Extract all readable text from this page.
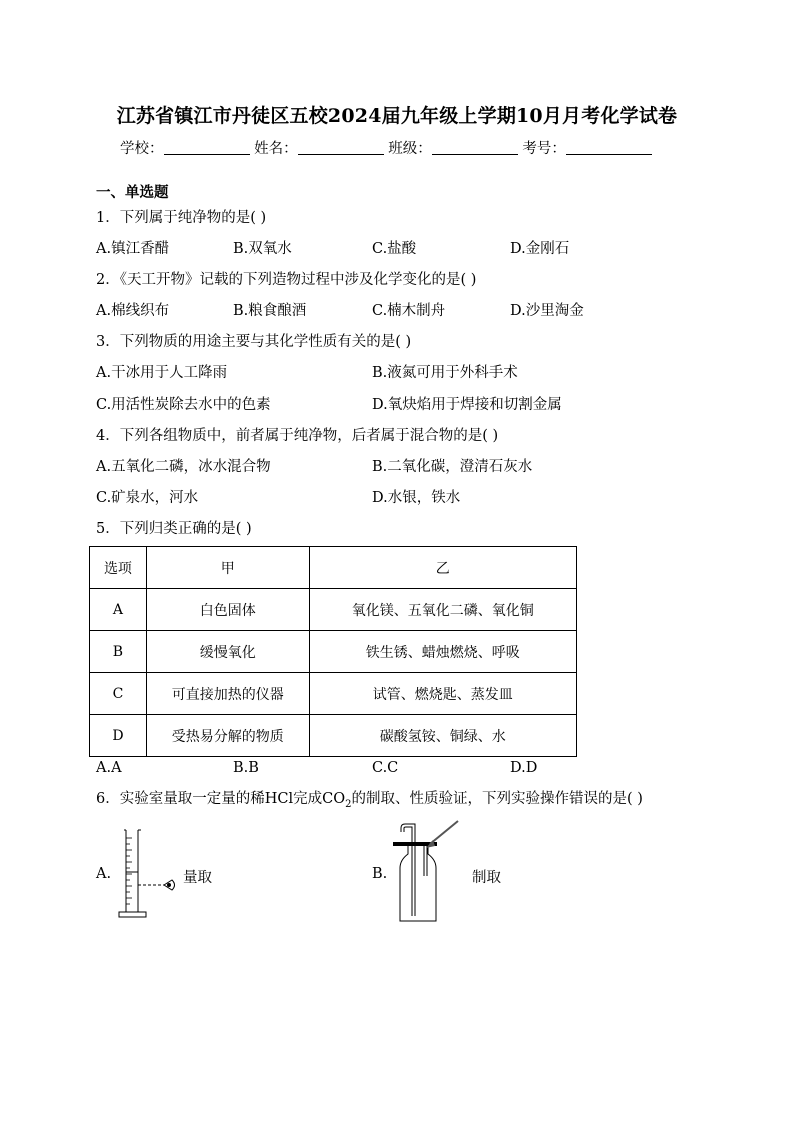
江苏省镇江市丹徒区五校2024届九年级上学期10月月考化学试卷
学校：	姓名：	班级：	考号：
一、单选题
1．下列属于纯净物的是( )
A.镇江香醋	B.双氧水	C.盐酸	D.金刚石
2．《天工开物》记载的下列造物过程中涉及化学变化的是( )
A.棉线织布	B.粮食酿酒	C.楠木制舟	D.沙里淘金
3．下列物质的用途主要与其化学性质有关的是( )
A.干冰用于人工降雨	B.液氮可用于外科手术
C.用活性炭除去水中的色素	D.氧炔焰用于焊接和切割金属
4．下列各组物质中，前者属于纯净物，后者属于混合物的是( )
A.五氧化二磷，冰水混合物	B.二氧化碳，澄清石灰水
C.矿泉水，河水	D.水银，铁水
5．下列归类正确的是( )
选项	甲	乙
A	白色固体	氧化镁、五氧化二磷、氧化铜
B	缓慢氧化	铁生锈、蜡烛燃烧、呼吸
C	可直接加热的仪器	试管、燃烧匙、蒸发皿
D	受热易分解的物质	碳酸氢铵、铜绿、水
A.A	B.B	C.C	D.D
6．实验室量取一定量的稀HCl完成$CO_2$的制取、性质验证，下列实验操作错误的是( )
A.	量取	B.	制取
